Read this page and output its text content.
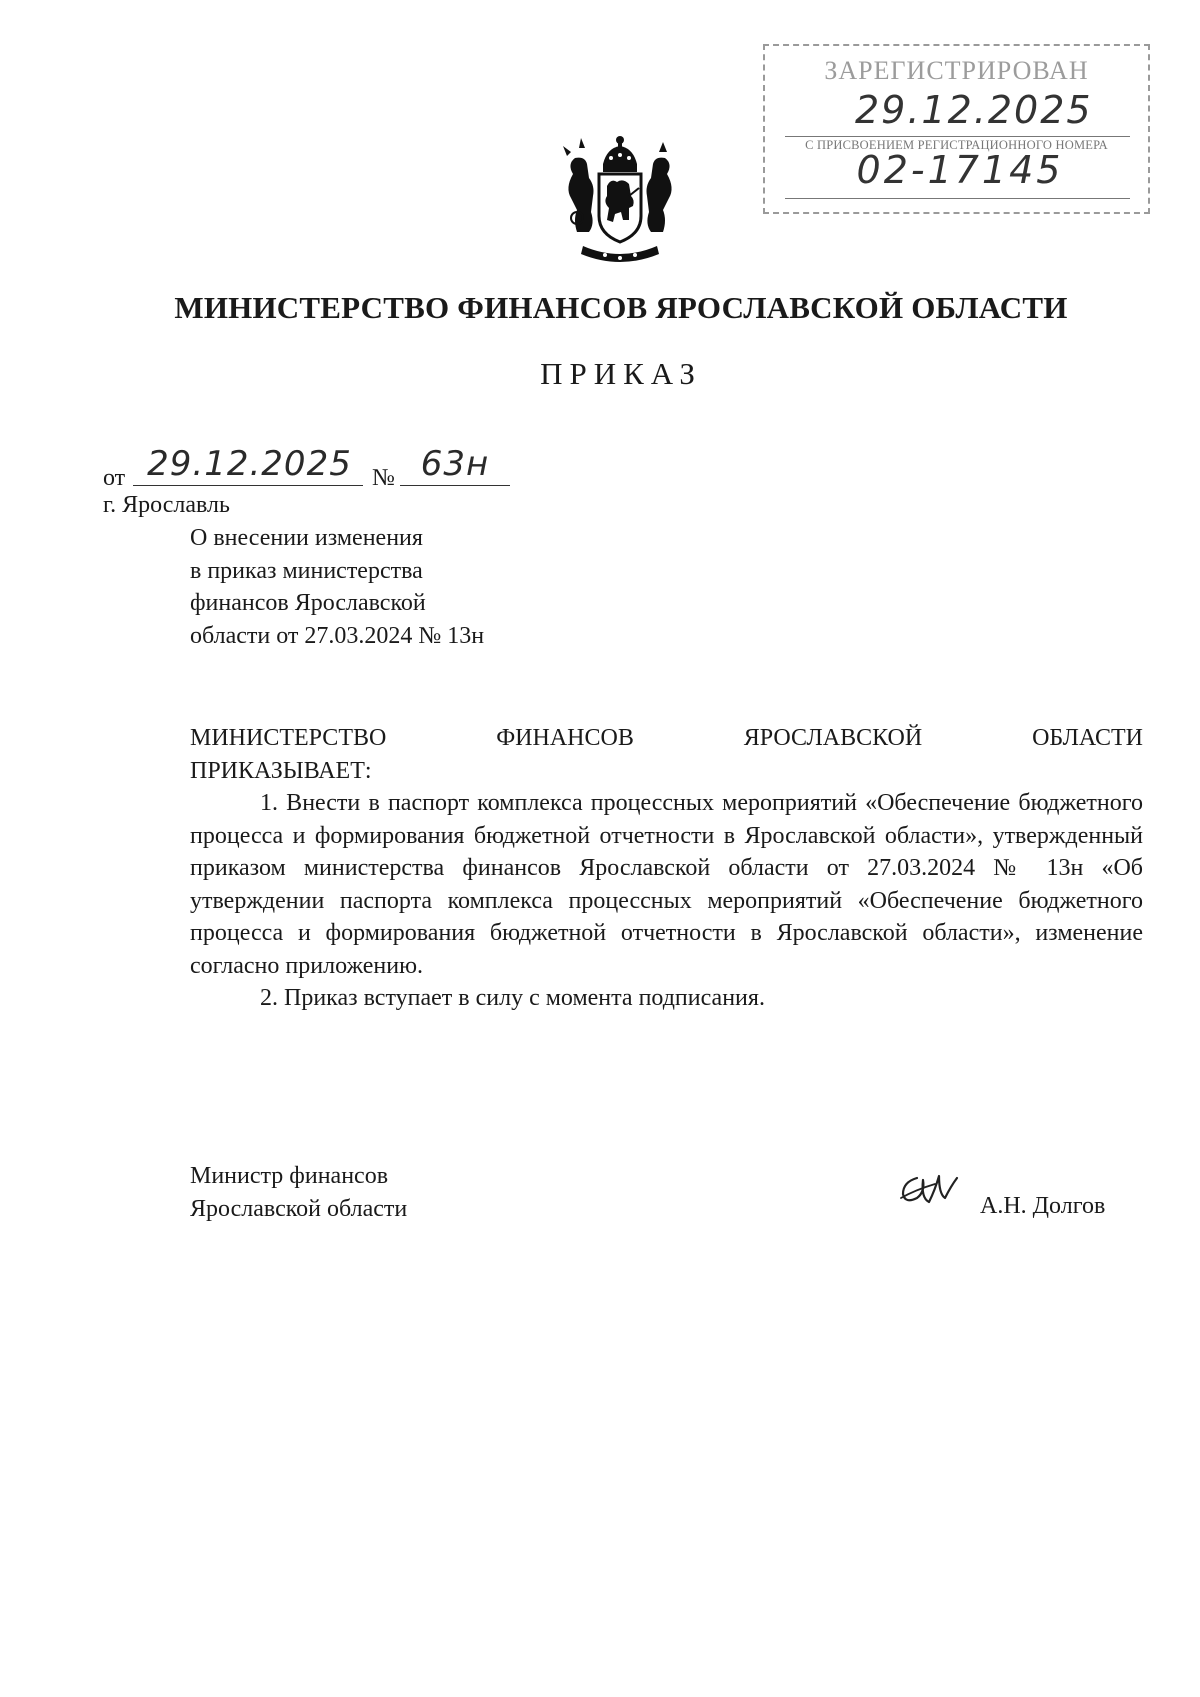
ЗАРЕГИСТРИРОВАН
29.12.2025
С ПРИСВОЕНИЕМ РЕГИСТРАЦИОННОГО НОМЕРА
02-17145
МИНИСТЕРСТВО ФИНАНСОВ ЯРОСЛАВСКОЙ ОБЛАСТИ
ПРИКАЗ
от 29.12.2025 № 63н
г. Ярославль
О внесении изменения
в приказ министерства
финансов Ярославской
области от 27.03.2024 № 13н
МИНИСТЕРСТВО ФИНАНСОВ ЯРОСЛАВСКОЙ ОБЛАСТИ
ПРИКАЗЫВАЕТ:
1. Внести в паспорт комплекса процессных мероприятий «Обеспечение бюджетного процесса и формирования бюджетной отчетности в Ярославской области», утвержденный приказом министерства финансов Ярославской области от 27.03.2024 № 13н «Об утверждении паспорта комплекса процессных мероприятий «Обеспечение бюджетного процесса и формирования бюджетной отчетности в Ярославской области», изменение согласно приложению.
2. Приказ вступает в силу с момента подписания.
Министр финансов
Ярославской области	А.Н. Долгов
